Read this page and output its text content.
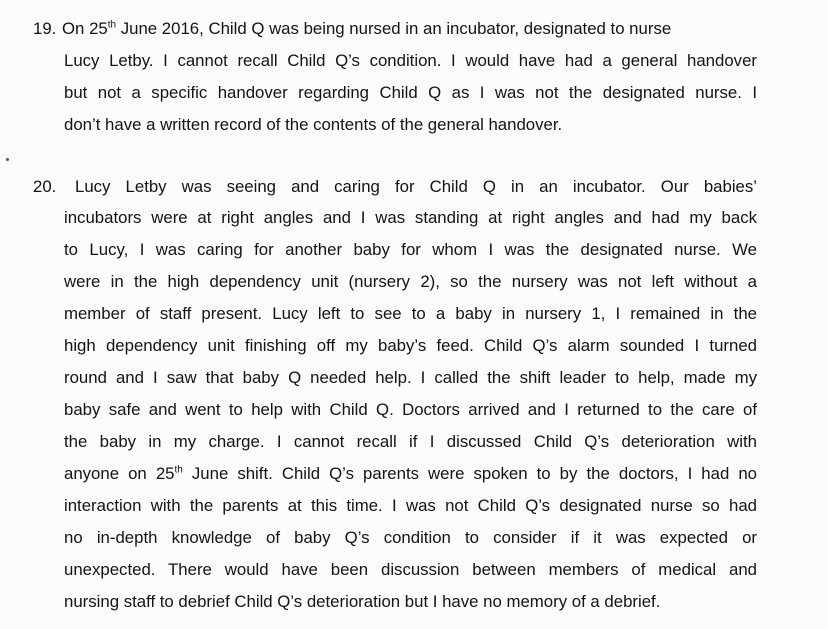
19. On 25th June 2016, Child Q was being nursed in an incubator, designated to nurse
Lucy Letby. I cannot recall Child Q’s condition. I would have had a general handover
but not a specific handover regarding Child Q as I was not the designated nurse. I
don’t have a written record of the contents of the general handover.
20. Lucy Letby was seeing and caring for Child Q in an incubator. Our babies’
incubators were at right angles and I was standing at right angles and had my back
to Lucy, I was caring for another baby for whom I was the designated nurse. We
were in the high dependency unit (nursery 2), so the nursery was not left without a
member of staff present. Lucy left to see to a baby in nursery 1, I remained in the
high dependency unit finishing off my baby’s feed. Child Q’s alarm sounded I turned
round and I saw that baby Q needed help. I called the shift leader to help, made my
baby safe and went to help with Child Q. Doctors arrived and I returned to the care of
the baby in my charge. I cannot recall if I discussed Child Q’s deterioration with
anyone on 25th June shift. Child Q’s parents were spoken to by the doctors, I had no
interaction with the parents at this time. I was not Child Q’s designated nurse so had
no in-depth knowledge of baby Q’s condition to consider if it was expected or
unexpected. There would have been discussion between members of medical and
nursing staff to debrief Child Q’s deterioration but I have no memory of a debrief.
